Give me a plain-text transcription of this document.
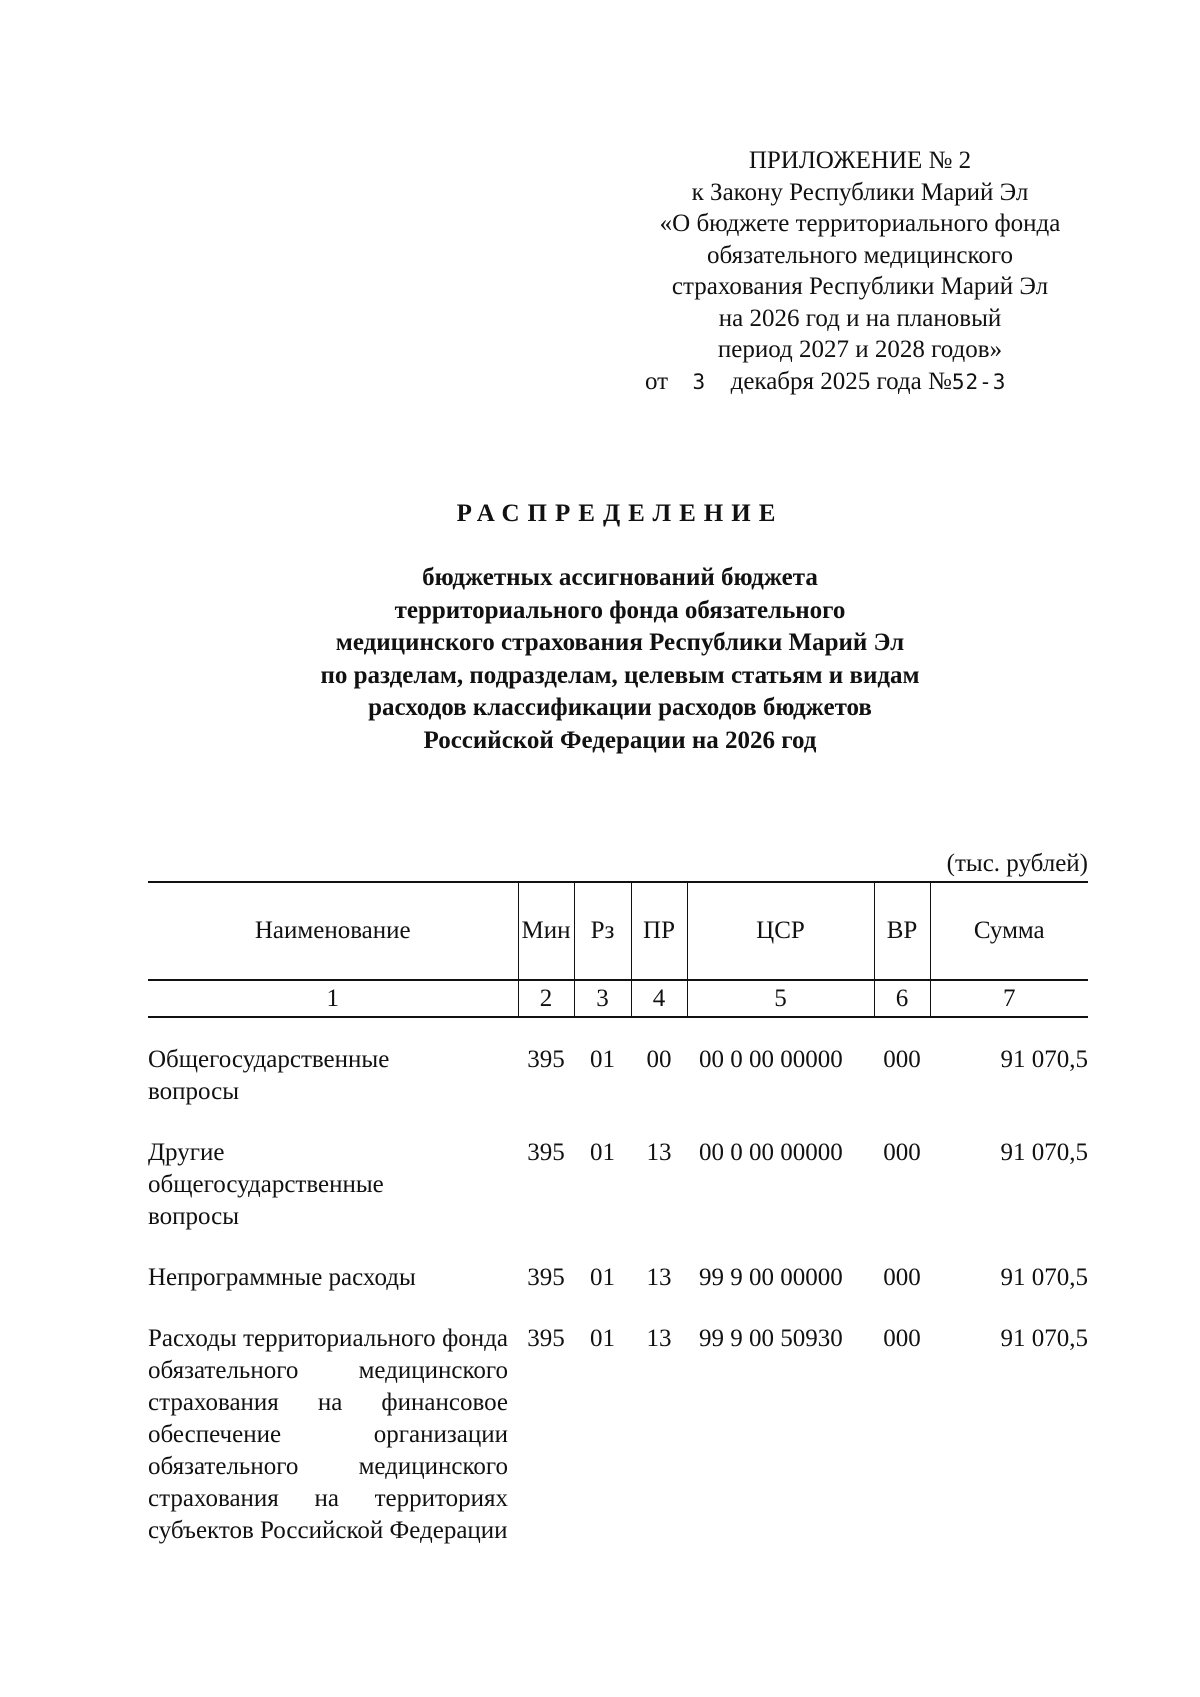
ПРИЛОЖЕНИЕ № 2
к Закону Республики Марий Эл
«О бюджете территориального фонда
обязательного медицинского
страхования Республики Марий Эл
на 2026 год и на плановый
период 2027 и 2028 годов»
от 3 декабря 2025 года №52-З
РАСПРЕДЕЛЕНИЕ
бюджетных ассигнований бюджета
территориального фонда обязательного
медицинского страхования Республики Марий Эл
по разделам, подразделам, целевым статьям и видам
расходов классификации расходов бюджетов
Российской Федерации на 2026 год
(тыс. рублей)
Наименование	Мин	Рз	ПР	ЦСР	ВР	Сумма
1	2	3	4	5	6	7
Общегосударственные
вопросы	395	01	00	00 0 00 00000	000	91 070,5
Другие
общегосударственные
вопросы	395	01	13	00 0 00 00000	000	91 070,5
Непрограммные расходы	395	01	13	99 9 00 00000	000	91 070,5
Расходы территориального фонда обязательного медицинского страхования на финансовое обеспечение организации обязательного медицинского страхования на территориях субъектов Российской Федерации	395	01	13	99 9 00 50930	000	91 070,5
